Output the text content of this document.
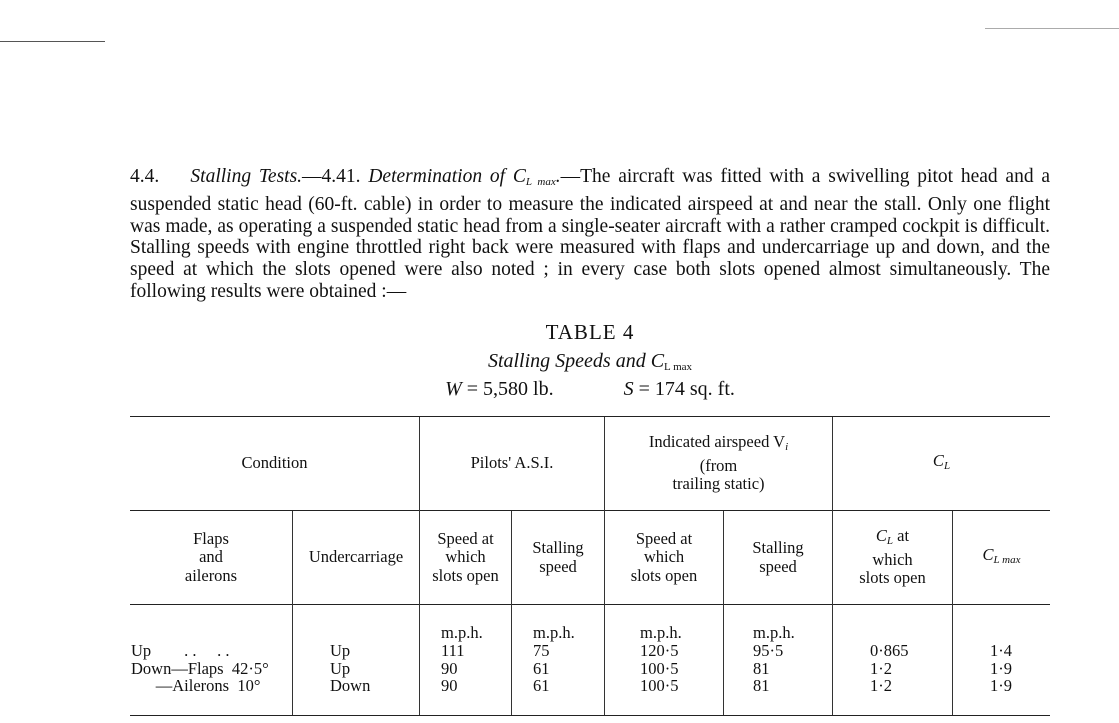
4.4. Stalling Tests.—4.41. Determination of $C_{L max}.—The$ aircraft was fitted with a swivelling pitot head and a suspended static head (60-ft. cable) in order to measure the indicated airspeed at and near the stall. Only one flight was made, as operating a suspended static head from a single-seater aircraft with a rather cramped cockpit is difficult. Stalling speeds with engine throttled right back were measured with flaps and undercarriage up and down, and the speed at which the slots opened were also noted ; in every case both slots opened almost simultaneously. The following results were obtained :—

TABLE 4
Stalling Speeds and $C_{L max}$
W = 5,580 lb.	S = 174 sq. ft.
Condition	Pilots' A.S.I.
Indicated airspeed $V_i$
(from
trailing static)
$C_L$
Flaps
and
ailerons
Undercarriage
Speed at
which
slots open
Stalling
speed
Speed at
which
slots open
Stalling
speed
$C_L$ at
which
slots open
$C_{L max}$

Up        . .     . .
Down—Flaps  42·5°
—Ailerons  10°

Up
Up
Down
m.p.h.
111
90
90
m.p.h.
75
61
61
m.p.h.
120·5
100·5
100·5
m.p.h.
95·5
81
81

0·865
1·2
1·2

1·4
1·9
1·9
